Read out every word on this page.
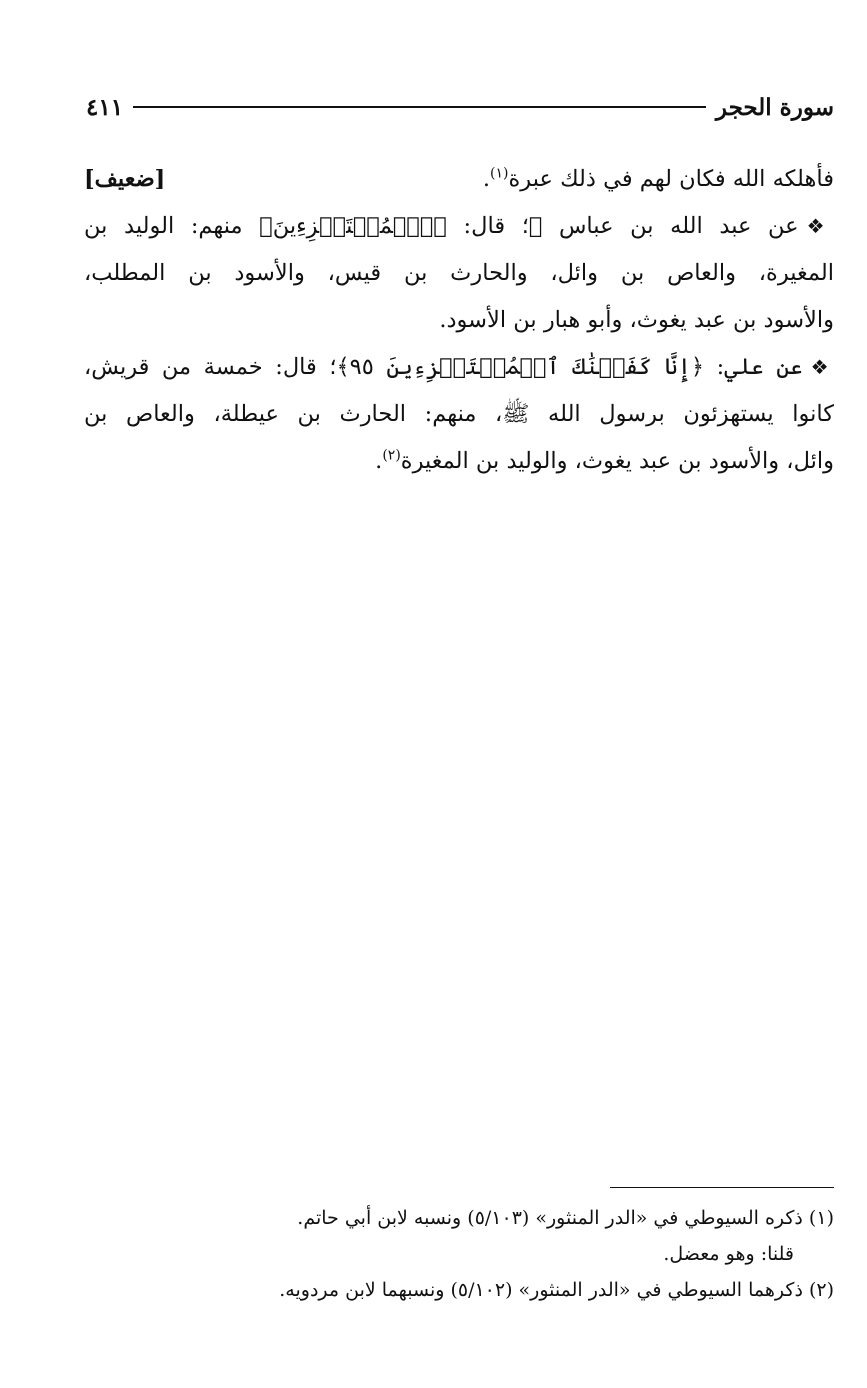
سورة الحجر
٤١١
فأهلكه الله فكان لهم في ذلك عبرة$^{(١)}$.
[ضعيف]
❖عن عبد الله بن عباس ﵄؛ قال: ﴿ٱلۡمُسۡتَهۡزِءِينَ﴾ منهم: الوليد بن
المغيرة، والعاص بن وائل، والحارث بن قيس، والأسود بن المطلب،
والأسود بن عبد يغوث، وأبو هبار بن الأسود.
❖عن علي: ﴿إِنَّا كَفَيۡنَٰكَ ٱلۡمُسۡتَهۡزِءِينَ ٩٥﴾؛ قال: خمسة من قريش،
كانوا يستهزئون برسول الله ﷺ، منهم: الحارث بن عيطلة، والعاص بن
وائل، والأسود بن عبد يغوث، والوليد بن المغيرة$^{(٢)}$.
(١) ذكره السيوطي في «الدر المنثور» (٥/١٠٣) ونسبه لابن أبي حاتم.
قلنا: وهو معضل.
(٢) ذكرهما السيوطي في «الدر المنثور» (٥/١٠٢) ونسبهما لابن مردويه.
